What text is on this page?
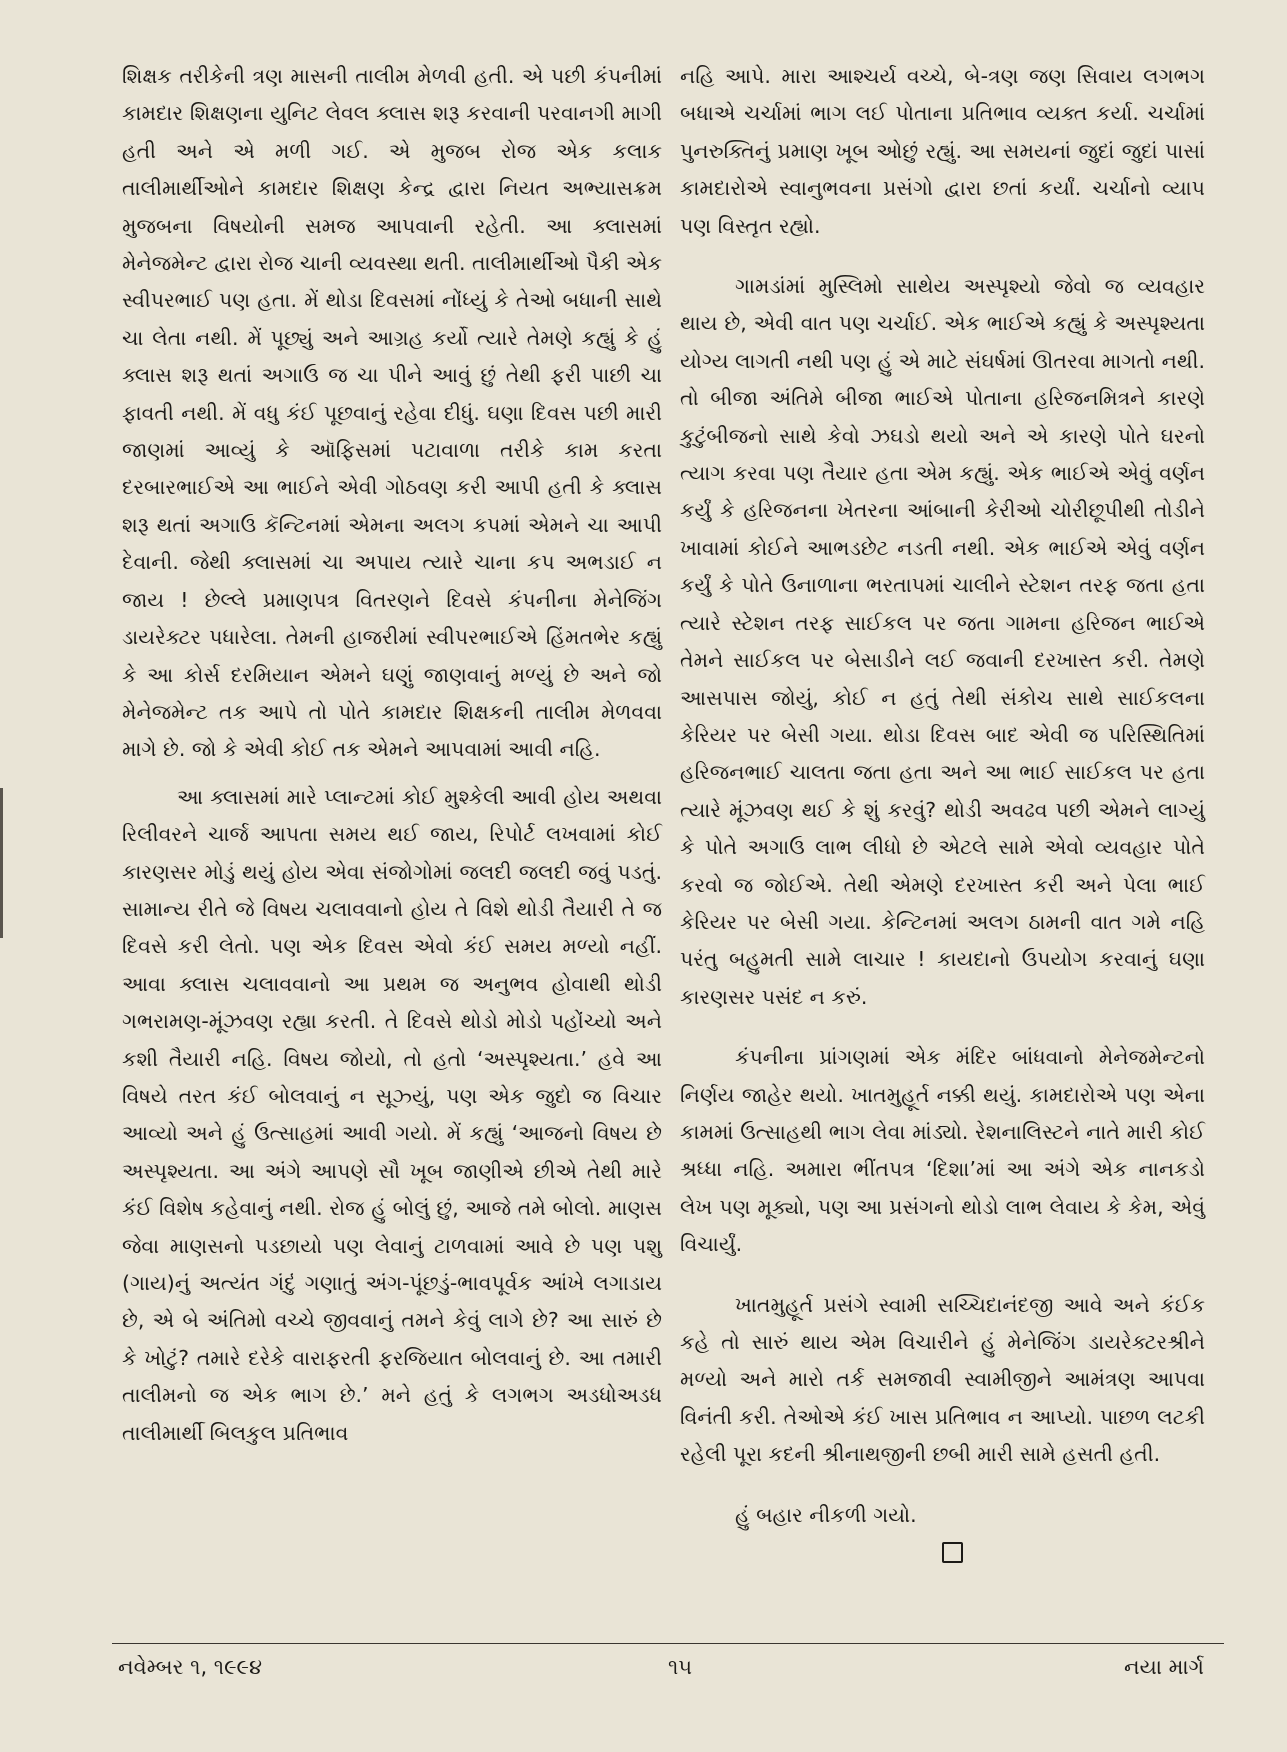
શિક્ષક તરીકેની ત્રણ માસની તાલીમ મેળવી હતી. એ પછી કંપનીમાં કામદાર શિક્ષણના યુનિટ લેવલ ક્લાસ શરૂ કરવાની પરવાનગી માગી હતી અને એ મળી ગઈ. એ મુજબ રોજ એક કલાક તાલીમાર્થીઓને કામદાર શિક્ષણ કેન્દ્ર દ્વારા નિયત અભ્યાસક્રમ મુજબના વિષયોની સમજ આપવાની રહેતી. આ ક્લાસમાં મેનેજમેન્ટ દ્વારા રોજ ચાની વ્યવસ્થા થતી. તાલીમાર્થીઓ પૈકી એક સ્વીપરભાઈ પણ હતા. મેં થોડા દિવસમાં નોંધ્યું કે તેઓ બધાની સાથે ચા લેતા નથી. મેં પૂછ્યું અને આગ્રહ કર્યો ત્યારે તેમણે કહ્યું કે હું ક્લાસ શરૂ થતાં અગાઉ જ ચા પીને આવું છું તેથી ફરી પાછી ચા ફાવતી નથી. મેં વધુ કંઈ પૂછવાનું રહેવા દીધું. ઘણા દિવસ પછી મારી જાણમાં આવ્યું કે ઑફિસમાં પટાવાળા તરીકે કામ કરતા દરબારભાઈએ આ ભાઈને એવી ગોઠવણ કરી આપી હતી કે ક્લાસ શરૂ થતાં અગાઉ કૅન્ટિનમાં એમના અલગ કપમાં એમને ચા આપી દેવાની. જેથી ક્લાસમાં ચા અપાય ત્યારે ચાના કપ અભડાઈ ન જાય ! છેલ્લે પ્રમાણપત્ર વિતરણને દિવસે કંપનીના મેનેજિંગ ડાયરેક્ટર પધારેલા. તેમની હાજરીમાં સ્વીપરભાઈએ હિંમતભેર કહ્યું કે આ કોર્સ દરમિયાન એમને ઘણું જાણવાનું મળ્યું છે અને જો મેનેજમેન્ટ તક આપે તો પોતે કામદાર શિક્ષકની તાલીમ મેળવવા માગે છે. જો કે એવી કોઈ તક એમને આપવામાં આવી નહિ.

આ ક્લાસમાં મારે પ્લાન્ટમાં કોઈ મુશ્કેલી આવી હોય અથવા રિલીવરને ચાર્જ આપતા સમય થઈ જાય, રિપોર્ટ લખવામાં કોઈ કારણસર મોડું થયું હોય એવા સંજોગોમાં જલદી જલદી જવું પડતું. સામાન્ય રીતે જે વિષય ચલાવવાનો હોય તે વિશે થોડી તૈયારી તે જ દિવસે કરી લેતો. પણ એક દિવસ એવો કંઈ સમય મળ્યો નહીં. આવા ક્લાસ ચલાવવાનો આ પ્રથમ જ અનુભવ હોવાથી થોડી ગભરામણ-મૂંઝવણ રહ્યા કરતી. તે દિવસે થોડો મોડો પહોંચ્યો અને કશી તૈયારી નહિ. વિષય જોયો, તો હતો ‘અસ્પૃશ્યતા.’ હવે આ વિષયે તરત કંઈ બોલવાનું ન સૂઝ્યું, પણ એક જુદો જ વિચાર આવ્યો અને હું ઉત્સાહમાં આવી ગયો. મેં કહ્યું ‘આજનો વિષય છે અસ્પૃશ્યતા. આ અંગે આપણે સૌ ખૂબ જાણીએ છીએ તેથી મારે કંઈ વિશેષ કહેવાનું નથી. રોજ હું બોલું છું, આજે તમે બોલો. માણસ જેવા માણસનો પડછાયો પણ લેવાનું ટાળવામાં આવે છે પણ પશુ (ગાય)નું અત્યંત ગંદું ગણાતું અંગ-પૂંછડું-ભાવપૂર્વક આંખે લગાડાય છે, એ બે અંતિમો વચ્ચે જીવવાનું તમને કેવું લાગે છે? આ સારું છે કે ખોટું? તમારે દરેકે વારાફરતી ફરજિયાત બોલવાનું છે. આ તમારી તાલીમનો જ એક ભાગ છે.’ મને હતું કે લગભગ અડધોઅડધ તાલીમાર્થી બિલકુલ પ્રતિભાવ

નહિ આપે. મારા આશ્ચર્ય વચ્ચે, બે-ત્રણ જણ સિવાય લગભગ બધાએ ચર્ચામાં ભાગ લઈ પોતાના પ્રતિભાવ વ્યક્ત કર્યા. ચર્ચામાં પુનરુક્તિનું પ્રમાણ ખૂબ ઓછું રહ્યું. આ સમયનાં જુદાં જુદાં પાસાં કામદારોએ સ્વાનુભવના પ્રસંગો દ્વારા છતાં કર્યાં. ચર્ચાનો વ્યાપ પણ વિસ્તૃત રહ્યો.

ગામડાંમાં મુસ્લિમો સાથેય અસ્પૃશ્યો જેવો જ વ્યવહાર થાય છે, એવી વાત પણ ચર્ચાઈ. એક ભાઈએ કહ્યું કે અસ્પૃશ્યતા યોગ્ય લાગતી નથી પણ હું એ માટે સંઘર્ષમાં ઊતરવા માગતો નથી. તો બીજા અંતિમે બીજા ભાઈએ પોતાના હરિજનમિત્રને કારણે કુટુંબીજનો સાથે કેવો ઝઘડો થયો અને એ કારણે પોતે ઘરનો ત્યાગ કરવા પણ તૈયાર હતા એમ કહ્યું. એક ભાઈએ એવું વર્ણન કર્યું કે હરિજનના ખેતરના આંબાની કેરીઓ ચોરીછૂપીથી તોડીને ખાવામાં કોઈને આભડછેટ નડતી નથી. એક ભાઈએ એવું વર્ણન કર્યું કે પોતે ઉનાળાના ભરતાપમાં ચાલીને સ્ટેશન તરફ જતા હતા ત્યારે સ્ટેશન તરફ સાઈકલ પર જતા ગામના હરિજન ભાઈએ તેમને સાઈકલ પર બેસાડીને લઈ જવાની દરખાસ્ત કરી. તેમણે આસપાસ જોયું, કોઈ ન હતું તેથી સંકોચ સાથે સાઈકલના કેરિયર પર બેસી ગયા. થોડા દિવસ બાદ એવી જ પરિસ્થિતિમાં હરિજનભાઈ ચાલતા જતા હતા અને આ ભાઈ સાઈકલ પર હતા ત્યારે મૂંઝવણ થઈ કે શું કરવું? થોડી અવઢવ પછી એમને લાગ્યું કે પોતે અગાઉ લાભ લીધો છે એટલે સામે એવો વ્યવહાર પોતે કરવો જ જોઈએ. તેથી એમણે દરખાસ્ત કરી અને પેલા ભાઈ કેરિયર પર બેસી ગયા. કેન્ટિનમાં અલગ ઠામની વાત ગમે નહિ પરંતુ બહુમતી સામે લાચાર ! કાયદાનો ઉપયોગ કરવાનું ઘણા કારણસર પસંદ ન કરું.

કંપનીના પ્રાંગણમાં એક મંદિર બાંધવાનો મેનેજમેન્ટનો નિર્ણય જાહેર થયો. ખાતમુહૂર્ત નક્કી થયું. કામદારોએ પણ એના કામમાં ઉત્સાહથી ભાગ લેવા માંડ્યો. રેશનાલિસ્ટને નાતે મારી કોઈ શ્રધ્ધા નહિ. અમારા ભીંતપત્ર ‘દિશા’માં આ અંગે એક નાનકડો લેખ પણ મૂક્યો, પણ આ પ્રસંગનો થોડો લાભ લેવાય કે કેમ, એવું વિચાર્યું.

ખાતમુહૂર્ત પ્રસંગે સ્વામી સચ્ચિદાનંદજી આવે અને કંઈક કહે તો સારું થાય એમ વિચારીને હું મેનેજિંગ ડાયરેક્ટરશ્રીને મળ્યો અને મારો તર્ક સમજાવી સ્વામીજીને આમંત્રણ આપવા વિનંતી કરી. તેઓએ કંઈ ખાસ પ્રતિભાવ ન આપ્યો. પાછળ લટકી રહેલી પૂરા કદની શ્રીનાથજીની છબી મારી સામે હસતી હતી.

હું બહાર નીકળી ગયો.

નવેમ્બર ૧, ૧૯૯૪	૧૫	નયા માર્ગ
